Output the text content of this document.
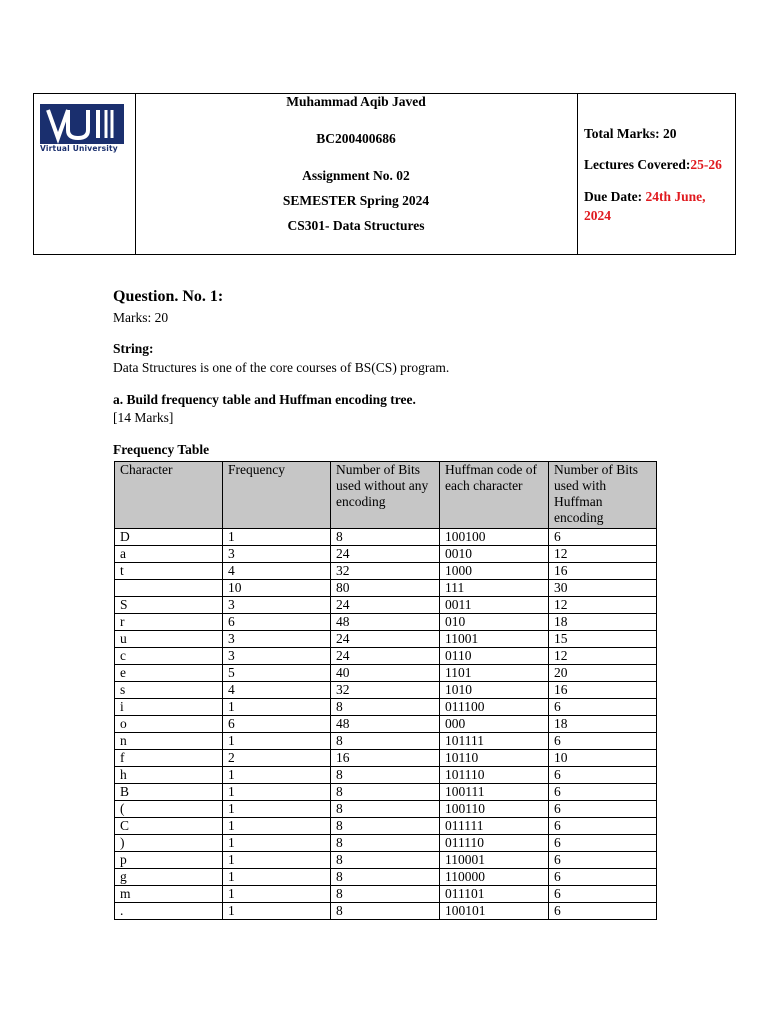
Virtual University
Muhammad Aqib Javed
BC200400686
Assignment No. 02
SEMESTER Spring 2024
CS301- Data Structures
Total Marks: 20
Lectures Covered:25-26
Due Date: 24th June,
2024
Question. No. 1:
Marks: 20
String:
Data Structures is one of the core courses of BS(CS) program.
a. Build frequency table and Huffman encoding tree.
[14 Marks]
Frequency Table
Character	Frequency	Number of Bits used without any encoding	Huffman code of each character	Number of Bits used with Huffman encoding
D	1	8	100100	6
a	3	24	0010	12
t	4	32	1000	16
	10	80	111	30
S	3	24	0011	12
r	6	48	010	18
u	3	24	11001	15
c	3	24	0110	12
e	5	40	1101	20
s	4	32	1010	16
i	1	8	011100	6
o	6	48	000	18
n	1	8	101111	6
f	2	16	10110	10
h	1	8	101110	6
B	1	8	100111	6
(	1	8	100110	6
C	1	8	011111	6
)	1	8	011110	6
p	1	8	110001	6
g	1	8	110000	6
m	1	8	011101	6
.	1	8	100101	6
